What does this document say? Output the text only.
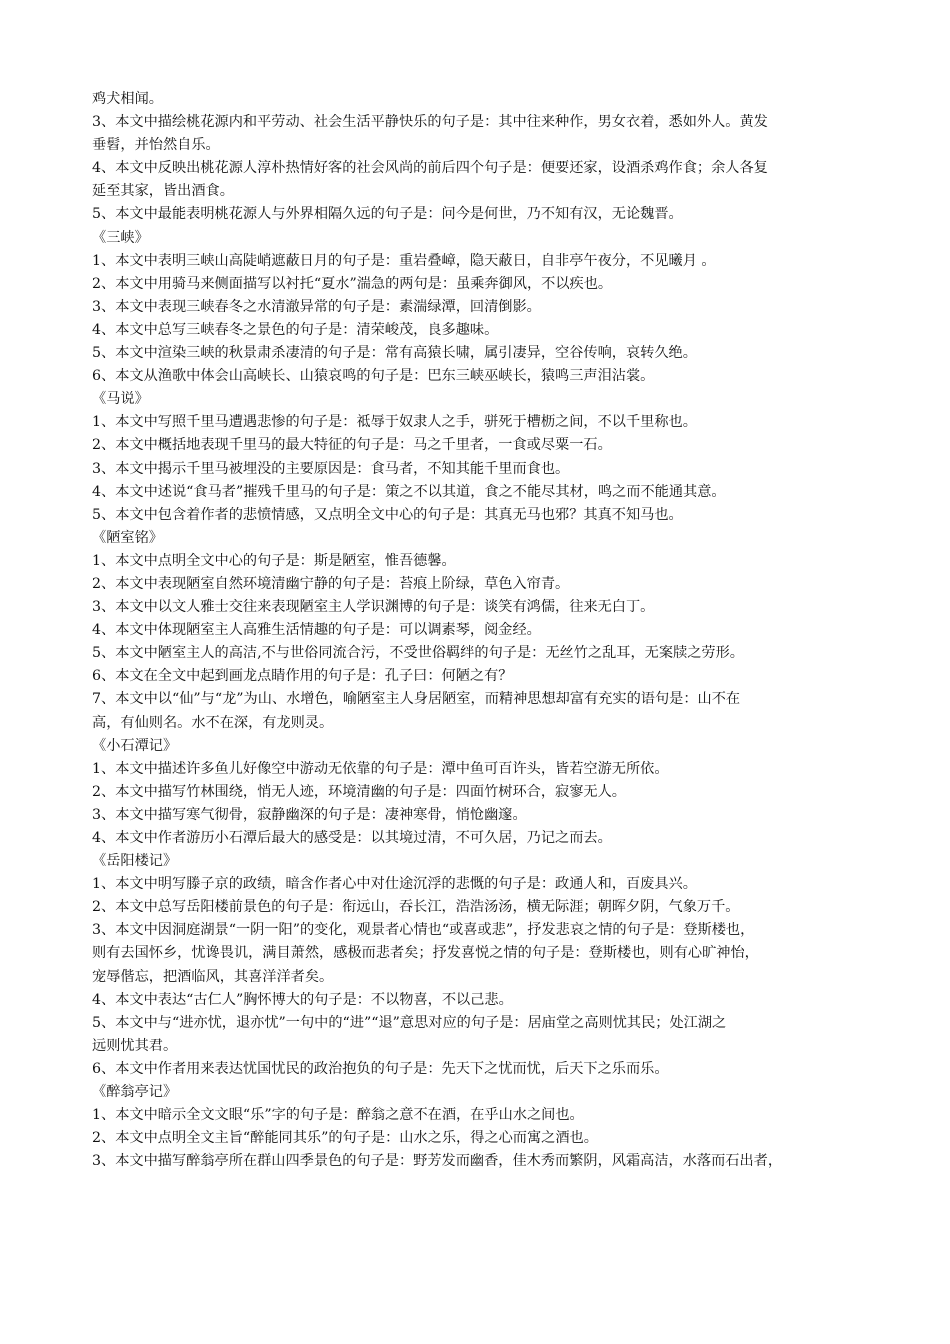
鸡犬相闻。
3、本文中描绘桃花源内和平劳动、社会生活平静快乐的句子是：其中往来种作，男女衣着，悉如外人。黄发
垂髫，并怡然自乐。
4、本文中反映出桃花源人淳朴热情好客的社会风尚的前后四个句子是：便要还家，设酒杀鸡作食；余人各复
延至其家，皆出酒食。
5、本文中最能表明桃花源人与外界相隔久远的句子是：问今是何世，乃不知有汉，无论魏晋。
《三峡》
1、本文中表明三峡山高陡峭遮蔽日月的句子是：重岩叠嶂，隐天蔽日，自非亭午夜分，不见曦月 。
2、本文中用骑马来侧面描写以衬托“夏水”湍急的两句是：虽乘奔御风，不以疾也。
3、本文中表现三峡春冬之水清澈异常的句子是：素湍绿潭，回清倒影。
4、本文中总写三峡春冬之景色的句子是：清荣峻茂，良多趣味。
5、本文中渲染三峡的秋景肃杀凄清的句子是：常有高猿长啸，属引凄异，空谷传响，哀转久绝。
6、本文从渔歌中体会山高峡长、山猿哀鸣的句子是：巴东三峡巫峡长，猿鸣三声泪沾裳。
《马说》
1、本文中写照千里马遭遇悲惨的句子是：祗辱于奴隶人之手，骈死于槽枥之间，不以千里称也。
2、本文中概括地表现千里马的最大特征的句子是：马之千里者，一食或尽粟一石。
3、本文中揭示千里马被埋没的主要原因是：食马者，不知其能千里而食也。
4、本文中述说“食马者”摧残千里马的句子是：策之不以其道，食之不能尽其材，鸣之而不能通其意。
5、本文中包含着作者的悲愤情感，又点明全文中心的句子是：其真无马也邪？其真不知马也。
《陋室铭》
1、本文中点明全文中心的句子是：斯是陋室，惟吾德馨。
2、本文中表现陋室自然环境清幽宁静的句子是：苔痕上阶绿，草色入帘青。
3、本文中以文人雅士交往来表现陋室主人学识渊博的句子是：谈笑有鸿儒，往来无白丁。
4、本文中体现陋室主人高雅生活情趣的句子是：可以调素琴，阅金经。
5、本文中陋室主人的高洁,不与世俗同流合污，不受世俗羁绊的句子是：无丝竹之乱耳，无案牍之劳形。
6、本文在全文中起到画龙点睛作用的句子是：孔子曰：何陋之有？
7、本文中以“仙”与“龙”为山、水增色，喻陋室主人身居陋室，而精神思想却富有充实的语句是：山不在
高，有仙则名。水不在深，有龙则灵。
《小石潭记》
1、本文中描述许多鱼儿好像空中游动无依靠的句子是：潭中鱼可百许头，皆若空游无所依。
2、本文中描写竹林围绕，悄无人迹，环境清幽的句子是：四面竹树环合，寂寥无人。
3、本文中描写寒气彻骨，寂静幽深的句子是：凄神寒骨，悄怆幽邃。
4、本文中作者游历小石潭后最大的感受是：以其境过清，不可久居，乃记之而去。
《岳阳楼记》
1、本文中明写滕子京的政绩，暗含作者心中对仕途沉浮的悲慨的句子是：政通人和，百废具兴。
2、本文中总写岳阳楼前景色的句子是：衔远山，吞长江，浩浩汤汤，横无际涯；朝晖夕阴，气象万千。
3、本文中因洞庭湖景“一阴一阳”的变化，观景者心情也“或喜或悲”，抒发悲哀之情的句子是：登斯楼也，
则有去国怀乡，忧谗畏讥，满目萧然，感极而悲者矣；抒发喜悦之情的句子是：登斯楼也，则有心旷神怡，
宠辱偕忘，把酒临风，其喜洋洋者矣。
4、本文中表达“古仁人”胸怀博大的句子是：不以物喜，不以己悲。
5、本文中与“进亦忧，退亦忧”一句中的“进”“退”意思对应的句子是：居庙堂之高则忧其民；处江湖之
远则忧其君。
6、本文中作者用来表达忧国忧民的政治抱负的句子是：先天下之忧而忧，后天下之乐而乐。
《醉翁亭记》
1、本文中暗示全文文眼“乐”字的句子是：醉翁之意不在酒，在乎山水之间也。
2、本文中点明全文主旨“醉能同其乐”的句子是：山水之乐，得之心而寓之酒也。
3、本文中描写醉翁亭所在群山四季景色的句子是：野芳发而幽香，佳木秀而繁阴，风霜高洁，水落而石出者，
